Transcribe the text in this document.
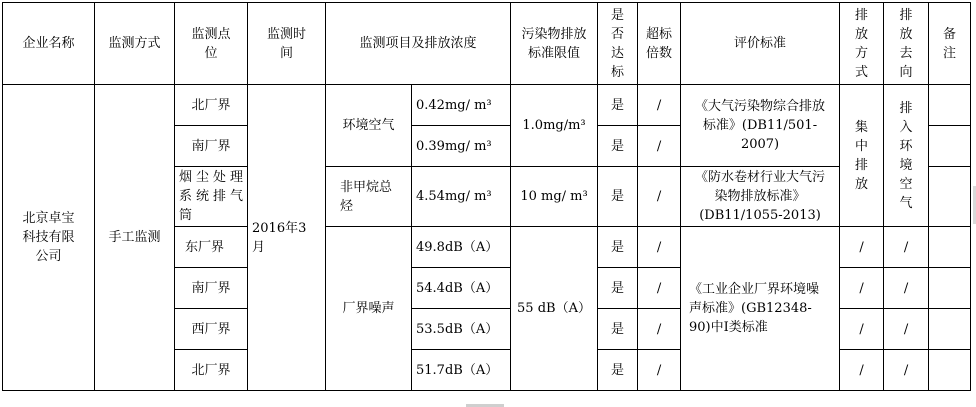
企业名称	监测方式	监测点位	监测时间	监测项目及排放浓度		污染物排放标准限值	是否达标	超标倍数	评价标准	排放方式	排放去向	备注
北京卓宝科技有限公司	手工监测	北厂界	2016年3月	环境空气	0.42mg/ m³	1.0mg/m³	是	/	《大气污染物综合排放标准》(DB11/501-2007)	集中排放	排入环境空气	
		南厂界			0.39mg/ m³		是	/				
		烟尘处理系统排气筒		非甲烷总烃	4.54mg/ m³	10 mg/ m³	是	/	《防水卷材行业大气污染物排放标准》(DB11/1055-2013)			
		东厂界		厂界噪声	49.8dB（A）	55 dB（A）	是	/	《工业企业厂界环境噪声标准》(GB12348-90)中Ⅰ类标准	/	/	
		南厂界			54.4dB（A）		是	/		/	/	
		西厂界			53.5dB（A）		是	/		/	/	
		北厂界			51.7dB（A）		是	/		/	/	
